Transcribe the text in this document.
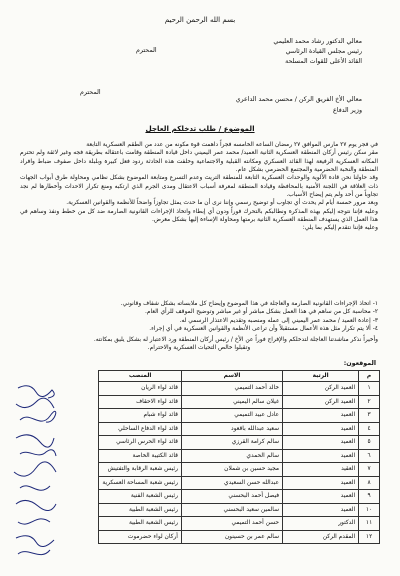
بسم الله الرحمن الرحيم
معالي الدكتور رشاد محمد العليمي
رئيس مجلس القيادة الرئاسي
القائد الأعلى للقوات المسلحة
المحترم
معالي الأخ الفريق الركن / محسن محمد الداعري
المحترم
وزير الدفاع
الموضوع / طلب تدخلكم العاجل

في فجر يوم ٢٧ مارس الموافق ٢٧ رمضان الساعه الخامسه فجراً داهمت قوة مكونه من عدد من الطقم العسكرية التابعة

مقر سكن رئيس أركان المنطقة العسكرية الثانية العميد/ محمد عمر اليميني داخل قيادة المنطقة وقامت باعتقاله بطريقة فجه وغير لائقة ولم تحترم المكانه العسكرية الرفيعة لهذا القائد العسكري ومكانته القبلية والاجتماعية وخلفت هذه الحادثة ردود فعل كبيرة وبلبلة داخل صفوف ضباط وافراد المنطقة والنخبة الحضرمية والمجتمع الحضرمي بشكل عام.

وقد حاولنا نحن قادة الألوية والوحدات العسكرية التابعة للمنطقة التريث وعدم التسرع ومتابعة الموضوع بشكل نظامي ومحاولة طرق أبواب الجهات ذات العلاقة في اللجنة الأمنية بالمحافظة وقيادة المنطقة لمعرفة أسباب الاعتقال ومدى الجرم الذي ارتكبه ومنع تكرار الاحداث وأخطارها لم نجد تجاوباً من أحد ولم يتم إيضاح الأسباب.

وبعد مرور خمسة أيام لم يحدث أي تجاوب أو توضيح رسمي وإننا نرى أن ما حدث يمثل تجاوزاً واضحاً للأنظمة والقوانين العسكرية.

وعليه فإننا نتوجه إليكم بهذه المذكرة ونطالبكم بالتحرك فوراً ودون أي إبطاء واتخاذ الإجراءات القانونية الصارمة ضد كل من خطط ونفذ وساهم في هذا العمل الذي يستهدف المنطقة العسكرية الثانية برمتها ومحاولة الإساءة إليها بشكل مغرض.

وعليه فإننا نتقدم إليكم بما يلي:

١- اتخاذ الإجراءات القانونية الصارمة والعاجلة في هذا الموضوع وإيضاح كل ملابساته بشكل شفاف وقانوني.
٢- محاسبة كل من ساهم في هذا العمل بشكل مباشر أو غير مباشر وتوضيح الموقف للرأي العام.
٣- إعادة العميد / محمد عمر اليميني إلى عمله ومنصبه وتقديم الاعتذار الرسمي له.
٤- ألا يتم تكرار مثل هذه الأعمال مستقبلاً وأن تراعى الأنظمة والقوانين العسكرية في أي إجراء.

وأخيراً نذكر مناشدتنا العاجلة لتدخلكم والإفراج فوراً عن الأخ / رئيس أركان المنطقة ورد الاعتبار له بشكل يليق بمكانته.

وتقبلوا خالص التحيات العسكرية والاحترام.

الموقعون:
م	الرتبة	الاسم	المنصب	
١	العميد الركن	خالد أحمد التميمي	قائد لواء الريان	
٢	العميد الركن	غيلان سالم اليميني	قائد لواء الاحقاف	
٣	العميد	عادل عبيد التميمي	قائد لواء شبام	
٤	العميد	سعيد عبدالله باقعود	قائد لواء الدفاع الساحلي	
٥	العميد	سالم كرامة القرزي	قائد لواء الحرس الرئاسي	
٦	العميد	سالم الحمدي	قائد الكتيبة الخاصة	
٧	العقيد	مجيد حسين بن شملان	رئيس شعبة الرقابة والتفتيش	
٨	العميد	عبدالله حسن السعيدي	رئيس شعبة المساحة العسكرية	
٩	العميد	فيصل أحمد البحسني	رئيس الشعبة الفنية	
١٠	العميد	سالمين سعيد البحسني	رئيس الشعبة الطبية	
١١	الدكتور	حسن أحمد التميمي	رئيس الشعبة الطبية	
١٢	المقدم الركن	سالم عمر بن حسينون	أركان لواء حضرموت	
